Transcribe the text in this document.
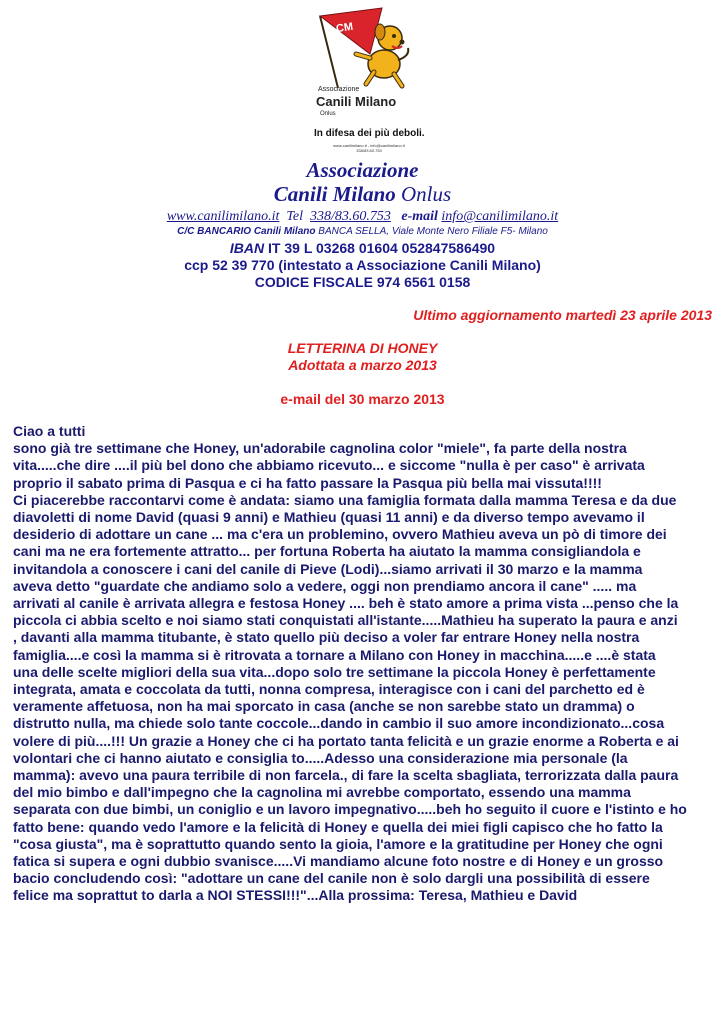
CM
Associazione
Canili Milano
Onlus
In difesa dei più deboli.
www.canilimilano.it - info@canilimilano.it
338/83.60.753
Associazione
Canili Milano Onlus
www.canilimilano.it Tel 338/83.60.753 e-mail info@canilimilano.it
C/C BANCARIO Canili Milano BANCA SELLA, Viale Monte Nero Filiale F5- Milano
IBAN IT 39 L 03268 01604 052847586490
ccp 52 39 770 (intestato a Associazione Canili Milano)
CODICE FISCALE 974 6561 0158
Ultimo aggiornamento martedì 23 aprile 2013
LETTERINA DI HONEY
Adottata a marzo 2013
e-mail del 30 marzo 2013

Ciao a tutti

sono già tre settimane che Honey, un'adorabile cagnolina color "miele", fa parte della nostra

vita.....che dire ....il più bel dono che abbiamo ricevuto... e siccome "nulla è per caso" è arrivata

proprio il sabato prima di Pasqua e ci ha fatto passare la Pasqua più bella mai vissuta!!!!

Ci piacerebbe raccontarvi come è andata: siamo una famiglia formata dalla mamma Teresa e da due

diavoletti di nome David (quasi 9 anni) e Mathieu (quasi 11 anni) e da diverso tempo avevamo il

desiderio di adottare un cane ... ma c'era un problemino, ovvero Mathieu aveva un pò di timore dei

cani ma ne era fortemente attratto... per fortuna Roberta ha aiutato la mamma consigliandola e

invitandola a conoscere i cani del canile di Pieve (Lodi)...siamo arrivati il 30 marzo e la mamma

aveva detto "guardate che andiamo solo a vedere, oggi non prendiamo ancora il cane" ..... ma

arrivati al canile è arrivata allegra e festosa Honey .... beh è stato amore a prima vista ...penso che la

piccola ci abbia scelto e noi siamo stati conquistati all'istante.....Mathieu ha superato la paura e anzi

, davanti alla mamma titubante, è stato quello più deciso a voler far entrare Honey nella nostra

famiglia....e così la mamma si è ritrovata a tornare a Milano con Honey in macchina.....e ....è stata

una delle scelte migliori della sua vita...dopo solo tre settimane la piccola Honey è perfettamente

integrata, amata e coccolata da tutti, nonna compresa, interagisce con i cani del parchetto ed è

veramente affetuosa, non ha mai sporcato in casa (anche se non sarebbe stato un dramma) o

distrutto nulla, ma chiede solo tante coccole...dando in cambio il suo amore incondizionato...cosa

volere di più....!!! Un grazie a Honey che ci ha portato tanta felicità e un grazie enorme a Roberta e ai

volontari che ci hanno aiutato e consiglia to.....Adesso una considerazione mia personale (la

mamma): avevo una paura terribile di non farcela., di fare la scelta sbagliata, terrorizzata dalla paura

del mio bimbo e dall'impegno che la cagnolina mi avrebbe comportato, essendo una mamma

separata con due bimbi, un coniglio e un lavoro impegnativo.....beh ho seguito il cuore e l'istinto e ho

fatto bene: quando vedo l'amore e la felicità di Honey e quella dei miei figli capisco che ho fatto la

"cosa giusta", ma è soprattutto quando sento la gioia, l'amore e la gratitudine per Honey che ogni

fatica si supera e ogni dubbio svanisce.....Vi mandiamo alcune foto nostre e di Honey e un grosso

bacio concludendo così: "adottare un cane del canile non è solo dargli una possibilità di essere

felice ma soprattut to darla a NOI STESSI!!!"...Alla prossima: Teresa, Mathieu e David
